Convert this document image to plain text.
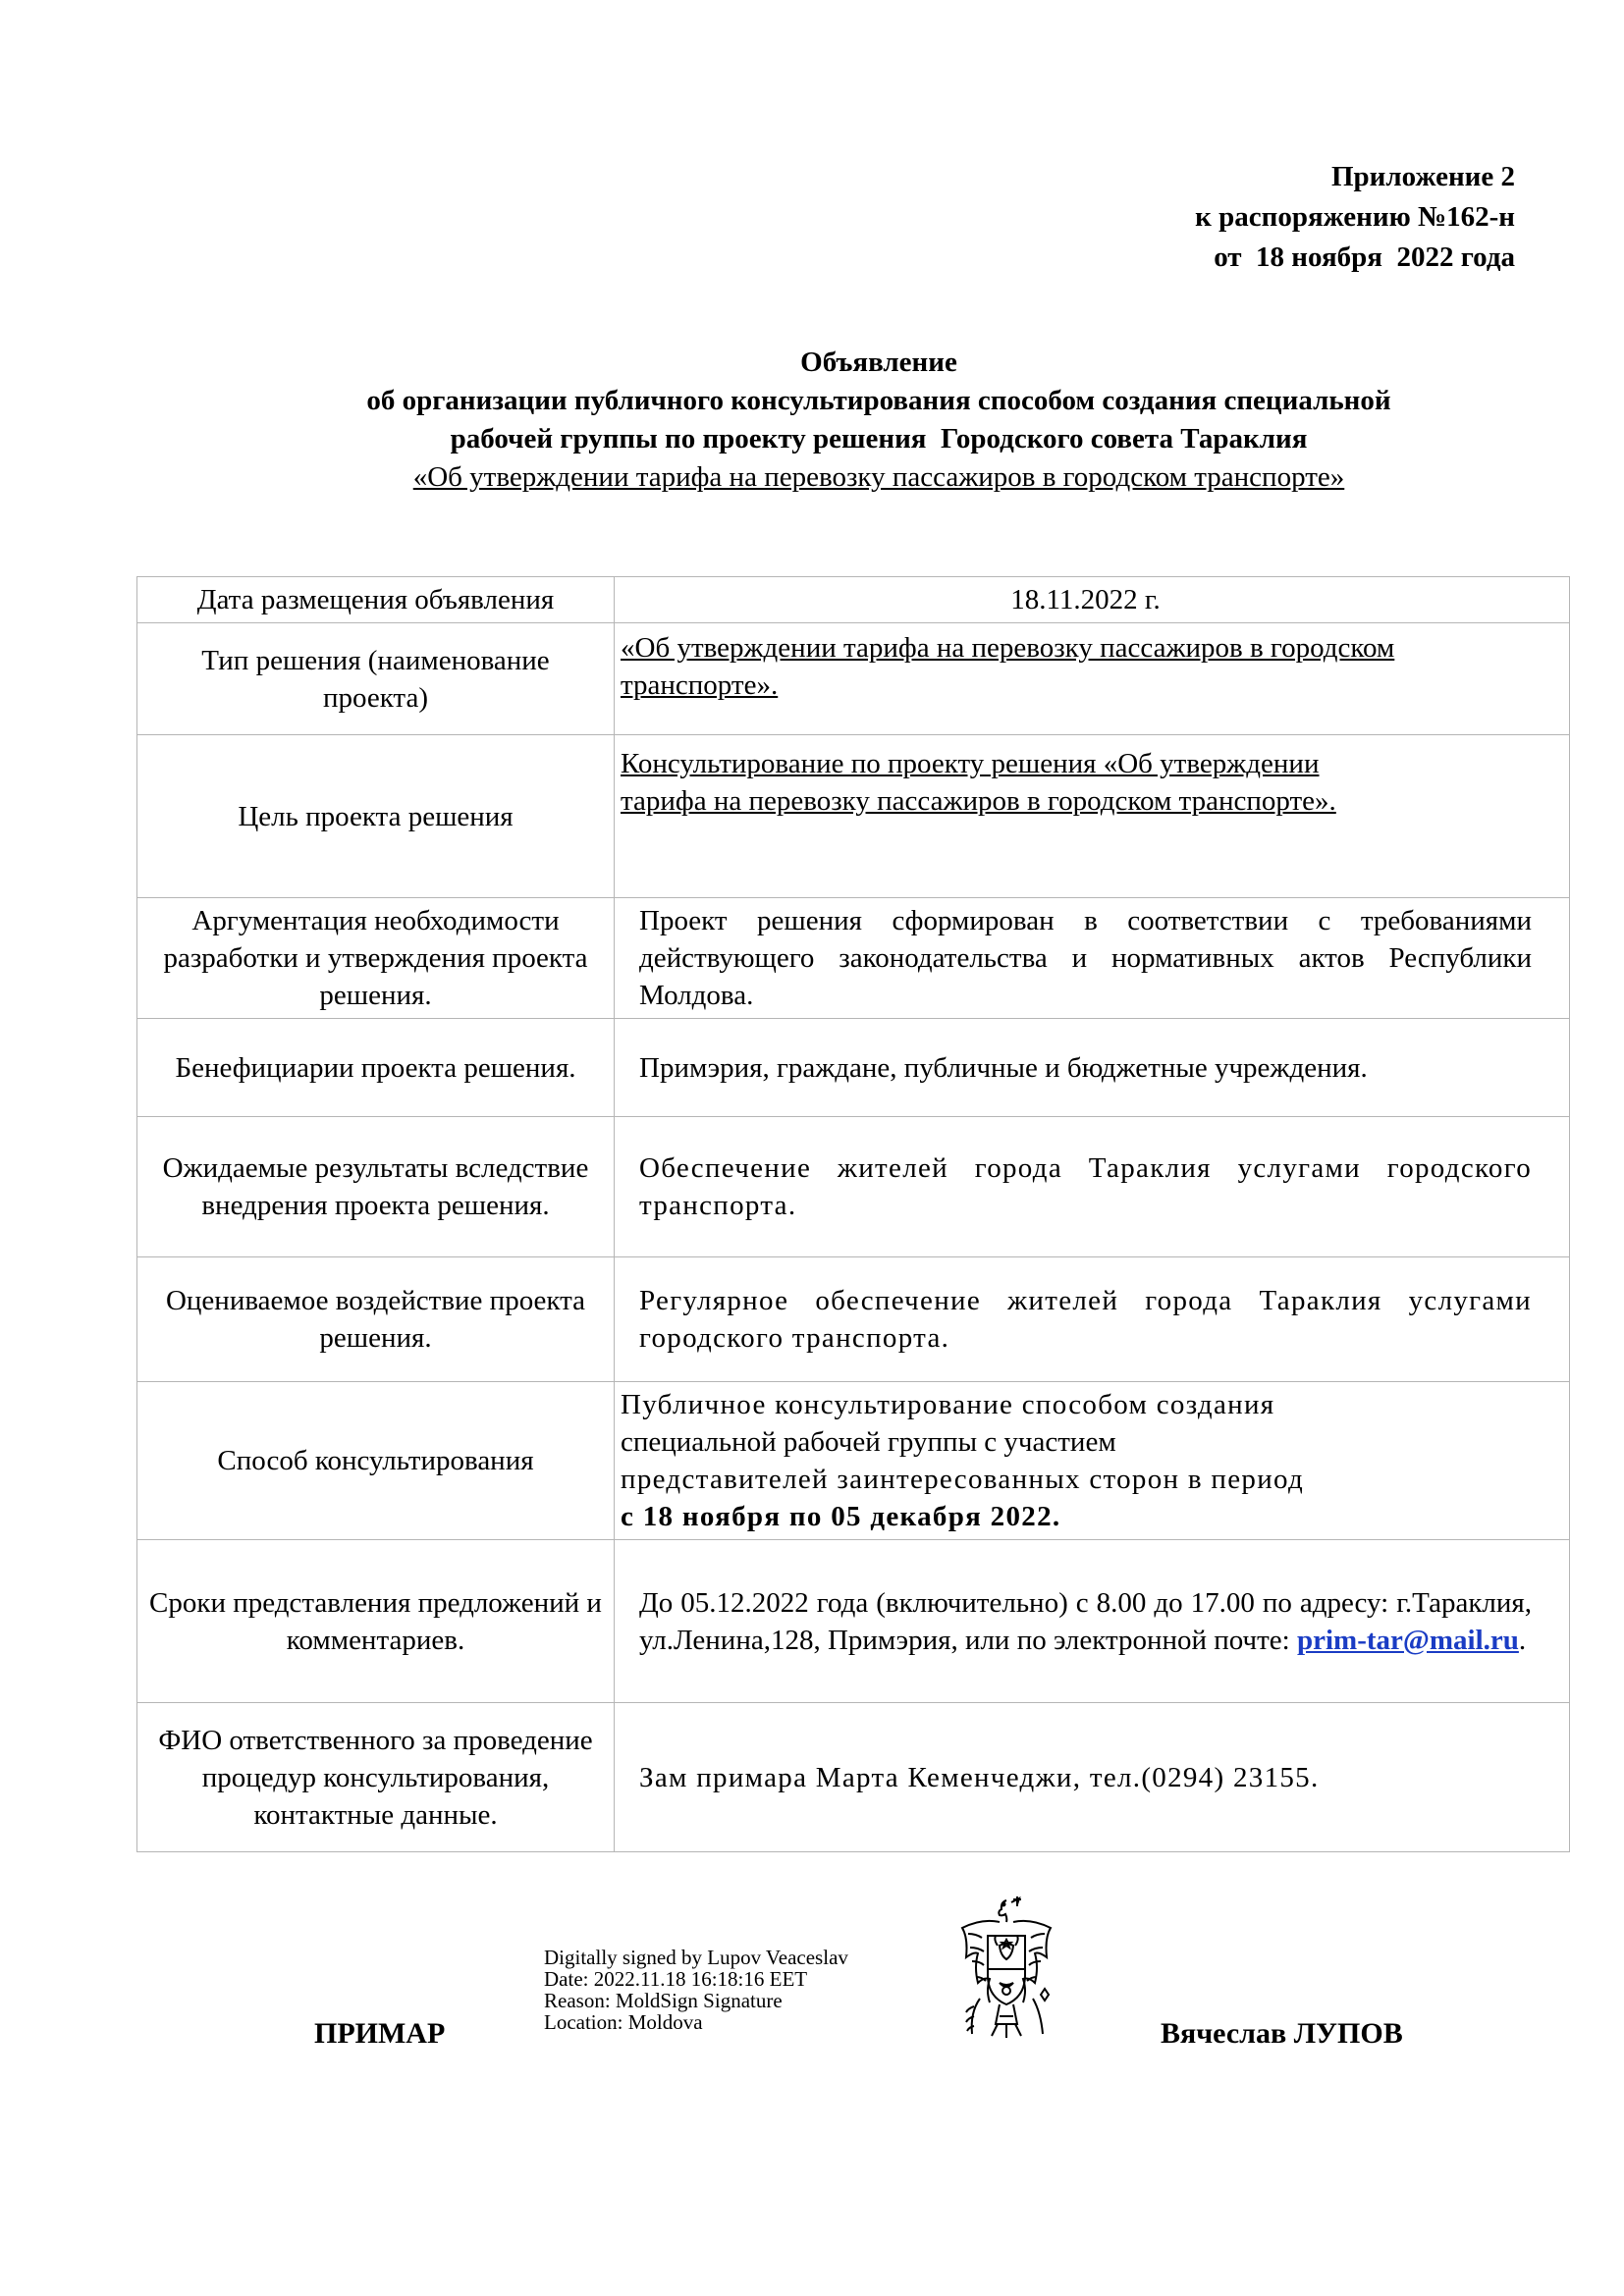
Приложение 2
к распоряжению №162-н
от  18 ноября  2022 года
Объявление
об организации публичного консультирования способом создания специальной
рабочей группы по проекту решения  Городского совета Тараклия
«Об утверждении тарифа на перевозку пассажиров в городском транспорте»
Дата размещения объявления	18.11.2022 г.
Тип решения (наименование проекта)	«Об утверждении тарифа на перевозку пассажиров в городском транспорте».
Цель проекта решения	Консультирование по проекту решения «Об утверждении
тарифа на перевозку пассажиров в городском транспорте».

Аргументация необходимости разработки и утверждения проекта решения.	Проект решения сформирован в соответствии с требованиями действующего законодательства и нормативных актов Республики Молдова.
Бенефициарии проекта решения.	Примэрия, граждане, публичные и бюджетные учреждения.
Ожидаемые результаты вследствие внедрения проекта решения.	Обеспечение жителей города Тараклия услугами городского транспорта.
Оцениваемое воздействие проекта решения.	Регулярное обеспечение жителей города Тараклия услугами городского транспорта.
Способ консультирования	Публичное консультирование способом создания
специальной рабочей группы с участием
представителей заинтересованных сторон в период
с 18 ноября по 05 декабря 2022.

Сроки представления предложений и комментариев.	До 05.12.2022 года (включительно) с 8.00 до 17.00 по адресу: г.Тараклия, ул.Ленина,128, Примэрия, или по электронной почте: prim-tar@mail.ru.
ФИО ответственного за проведение процедур консультирования, контактные данные.	Зам примара Марта Кеменчеджи, тел.(0294) 23155.
ПРИМАР
Digitally signed by Lupov Veaceslav
Date: 2022.11.18 16:18:16 EET
Reason: MoldSign Signature
Location: Moldova	Вячеслав ЛУПОВ
